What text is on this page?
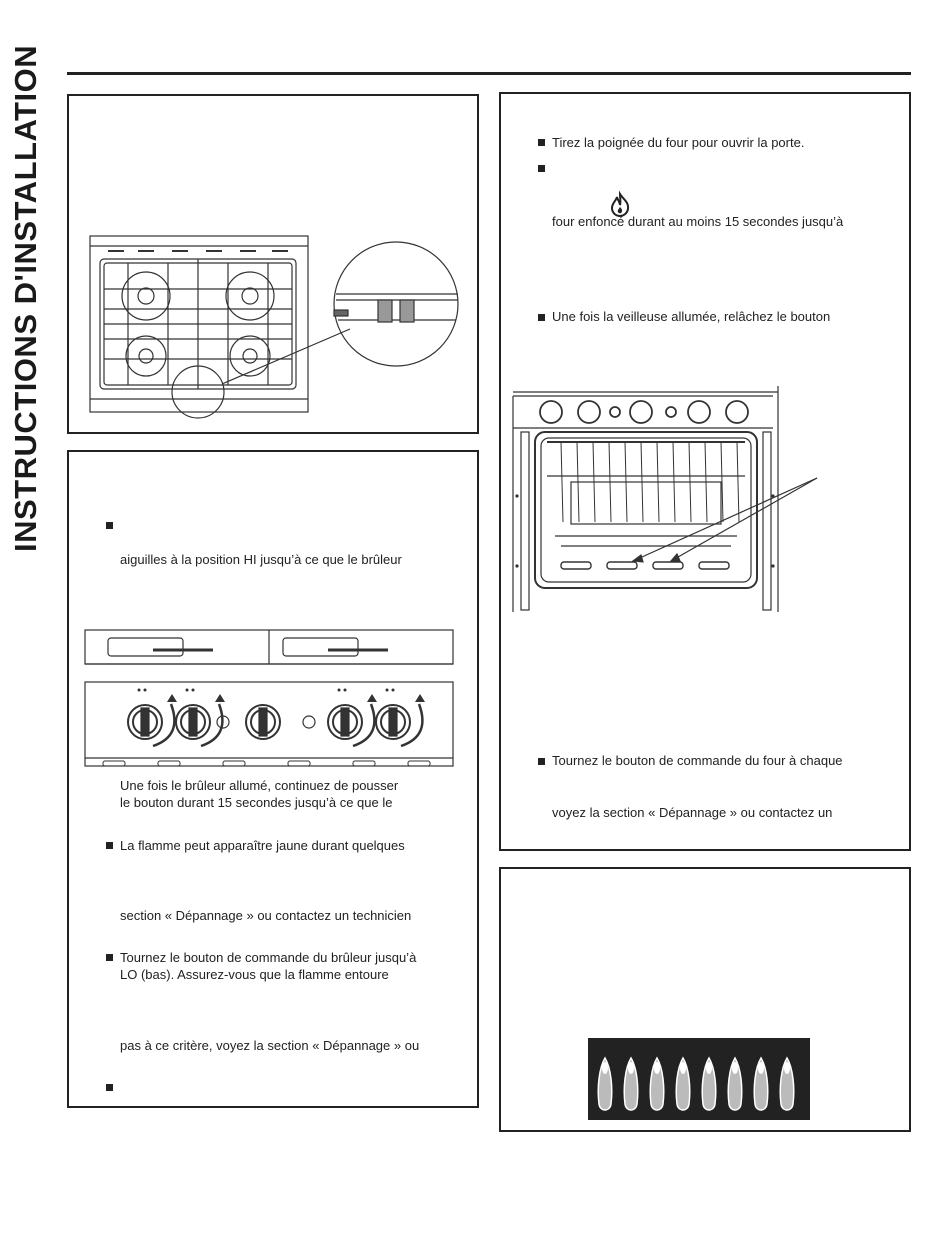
INSTRUCTIONS D'INSTALLATION
aiguilles à la position HI jusqu’à ce que le brûleur
Une fois le brûleur allumé, continuez de pousser
le bouton durant 15 secondes jusqu’à ce que le
La flamme peut apparaître jaune durant quelques
section « Dépannage » ou contactez un technicien
Tournez le bouton de commande du brûleur jusqu’à
LO (bas). Assurez-vous que la flamme entoure
pas à ce critère, voyez la section « Dépannage » ou
Tirez la poignée du four pour ouvrir la porte.
four enfoncé durant au moins 15 secondes jusqu’à
Une fois la veilleuse allumée, relâchez le bouton
Tournez le bouton de commande du four à chaque
voyez la section « Dépannage » ou contactez un
